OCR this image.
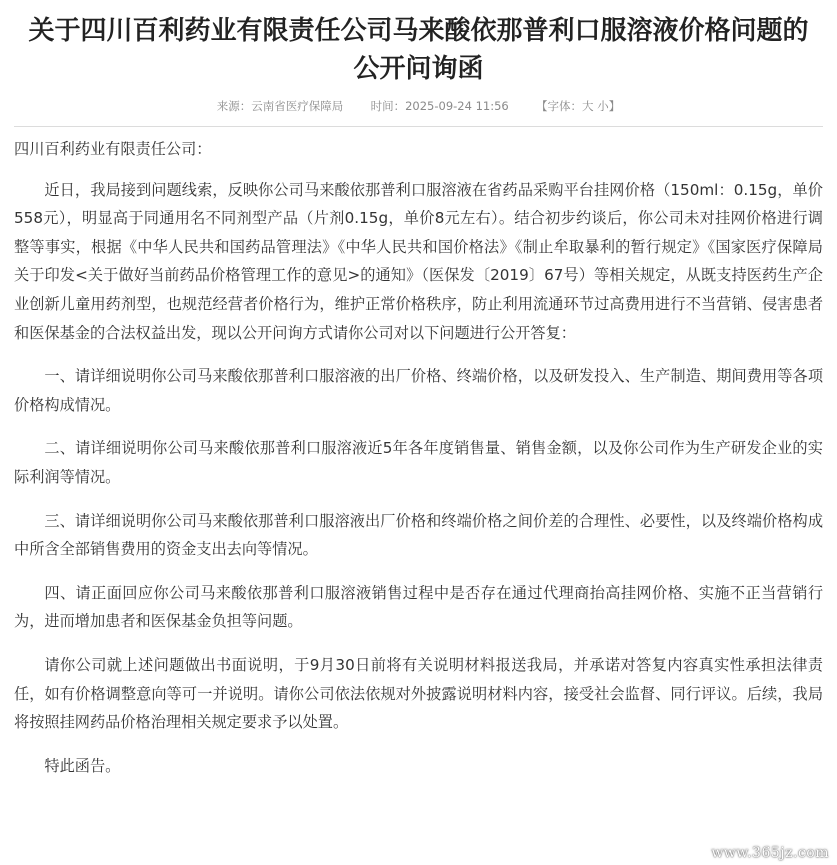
关于四川百利药业有限责任公司马来酸依那普利口服溶液价格问题的公开问询函
来源：云南省医疗保障局 时间：2025-09-24 11:56 【字体：大 小】

四川百利药业有限责任公司：

近日，我局接到问题线索，反映你公司马来酸依那普利口服溶液在省药品采购平台挂网价格（150ml：0.15g，单价558元），明显高于同通用名不同剂型产品（片剂0.15g，单价8元左右）。结合初步约谈后，你公司未对挂网价格进行调整等事实，根据《中华人民共和国药品管理法》《中华人民共和国价格法》《制止牟取暴利的暂行规定》《国家医疗保障局关于印发<关于做好当前药品价格管理工作的意见>的通知》（医保发〔2019〕67号）等相关规定，从既支持医药生产企业创新儿童用药剂型，也规范经营者价格行为，维护正常价格秩序，防止利用流通环节过高费用进行不当营销、侵害患者和医保基金的合法权益出发，现以公开问询方式请你公司对以下问题进行公开答复：

一、请详细说明你公司马来酸依那普利口服溶液的出厂价格、终端价格，以及研发投入、生产制造、期间费用等各项价格构成情况。

二、请详细说明你公司马来酸依那普利口服溶液近5年各年度销售量、销售金额，以及你公司作为生产研发企业的实际利润等情况。

三、请详细说明你公司马来酸依那普利口服溶液出厂价格和终端价格之间价差的合理性、必要性，以及终端价格构成中所含全部销售费用的资金支出去向等情况。

四、请正面回应你公司马来酸依那普利口服溶液销售过程中是否存在通过代理商抬高挂网价格、实施不正当营销行为，进而增加患者和医保基金负担等问题。

请你公司就上述问题做出书面说明，于9月30日前将有关说明材料报送我局，并承诺对答复内容真实性承担法律责任，如有价格调整意向等可一并说明。请你公司依法依规对外披露说明材料内容，接受社会监督、同行评议。后续，我局将按照挂网药品价格治理相关规定要求予以处置。

特此函告。

www.365jz.com
